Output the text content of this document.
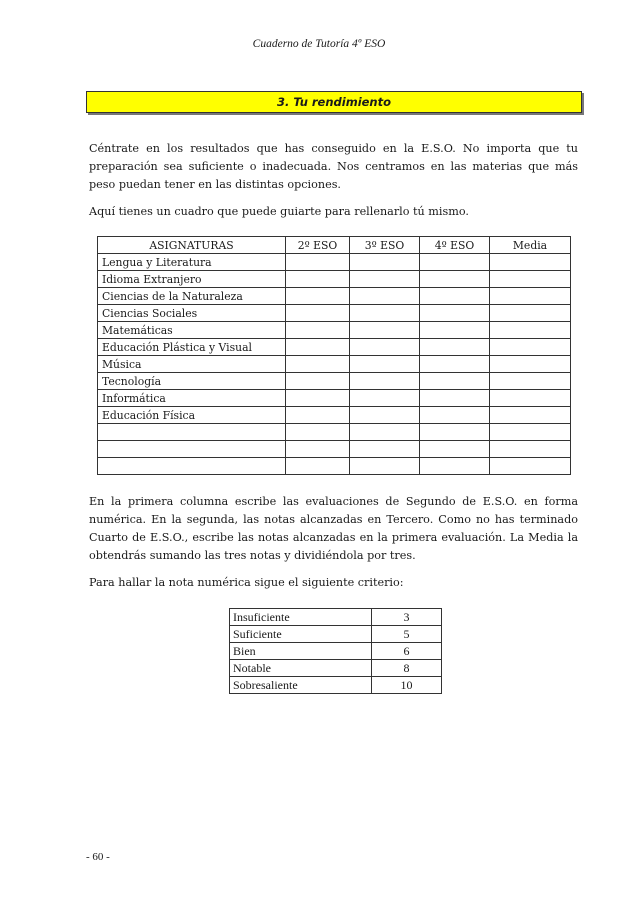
Cuaderno de Tutoría 4º ESO
3. Tu rendimiento
Céntrate en los resultados que has conseguido en la E.S.O. No importa que tu preparación sea suficiente o inadecuada. Nos centramos en las materias que más peso puedan tener en las distintas opciones.
Aquí tienes un cuadro que puede guiarte para rellenarlo tú mismo.
ASIGNATURAS	2º ESO	3º ESO	4º ESO	Media
Lengua y Literatura				
Idioma Extranjero				
Ciencias de la Naturaleza				
Ciencias Sociales				
Matemáticas				
Educación Plástica y Visual				
Música				
Tecnología				
Informática				
Educación Física				

En la primera columna escribe las evaluaciones de Segundo de E.S.O. en forma numérica. En la segunda, las notas alcanzadas en Tercero. Como no has terminado Cuarto de E.S.O., escribe las notas alcanzadas en la primera evaluación. La Media la obtendrás sumando las tres notas y dividiéndola por tres.
Para hallar la nota numérica sigue el siguiente criterio:
Insuficiente	3
Suficiente	5
Bien	6
Notable	8
Sobresaliente	10
- 60 -
